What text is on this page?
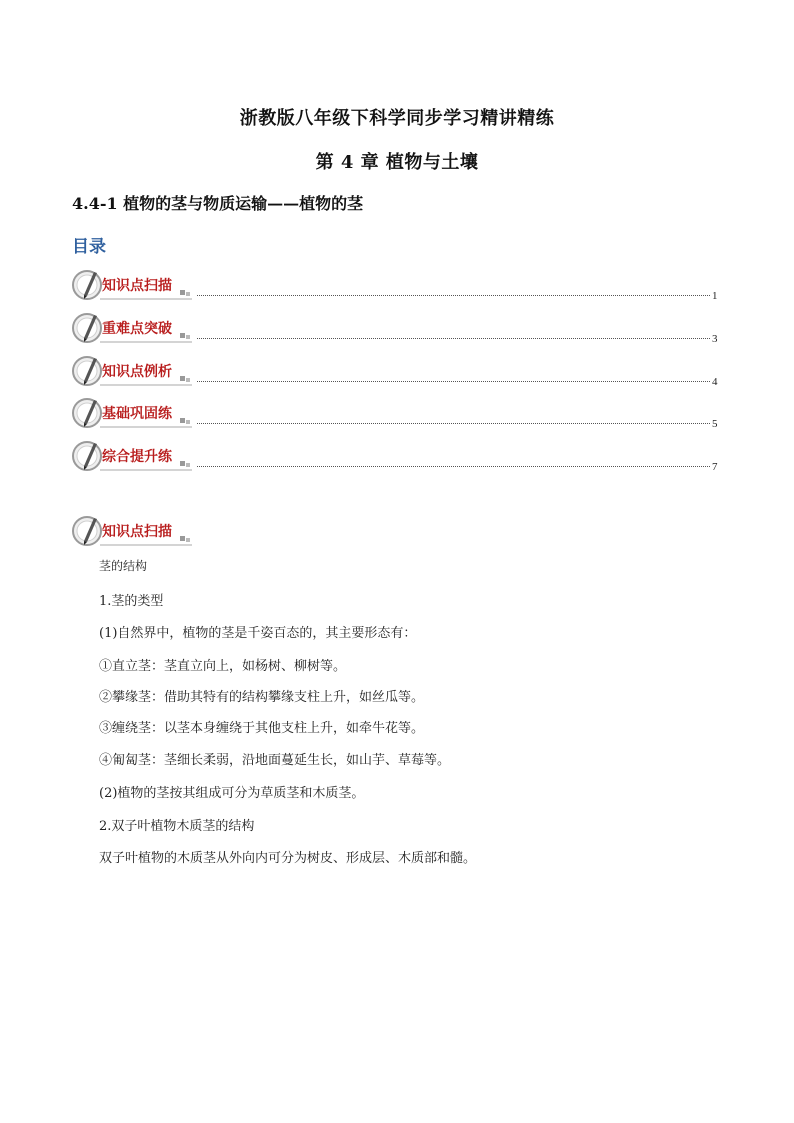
浙教版八年级下科学同步学习精讲精练
第 4 章 植物与土壤
4.4-1 植物的茎与物质运输——植物的茎
目录
知识点扫描
1
重难点突破
3
知识点例析
4
基础巩固练
5
综合提升练
7
知识点扫描
茎的结构
1.茎的类型
(1)自然界中，植物的茎是千姿百态的，其主要形态有：
①直立茎：茎直立向上，如杨树、柳树等。
②攀缘茎：借助其特有的结构攀缘支柱上升，如丝瓜等。
③缠绕茎：以茎本身缠绕于其他支柱上升，如牵牛花等。
④匍匐茎：茎细长柔弱，沿地面蔓延生长，如山芋、草莓等。
(2)植物的茎按其组成可分为草质茎和木质茎。
2.双子叶植物木质茎的结构
双子叶植物的木质茎从外向内可分为树皮、形成层、木质部和髓。
